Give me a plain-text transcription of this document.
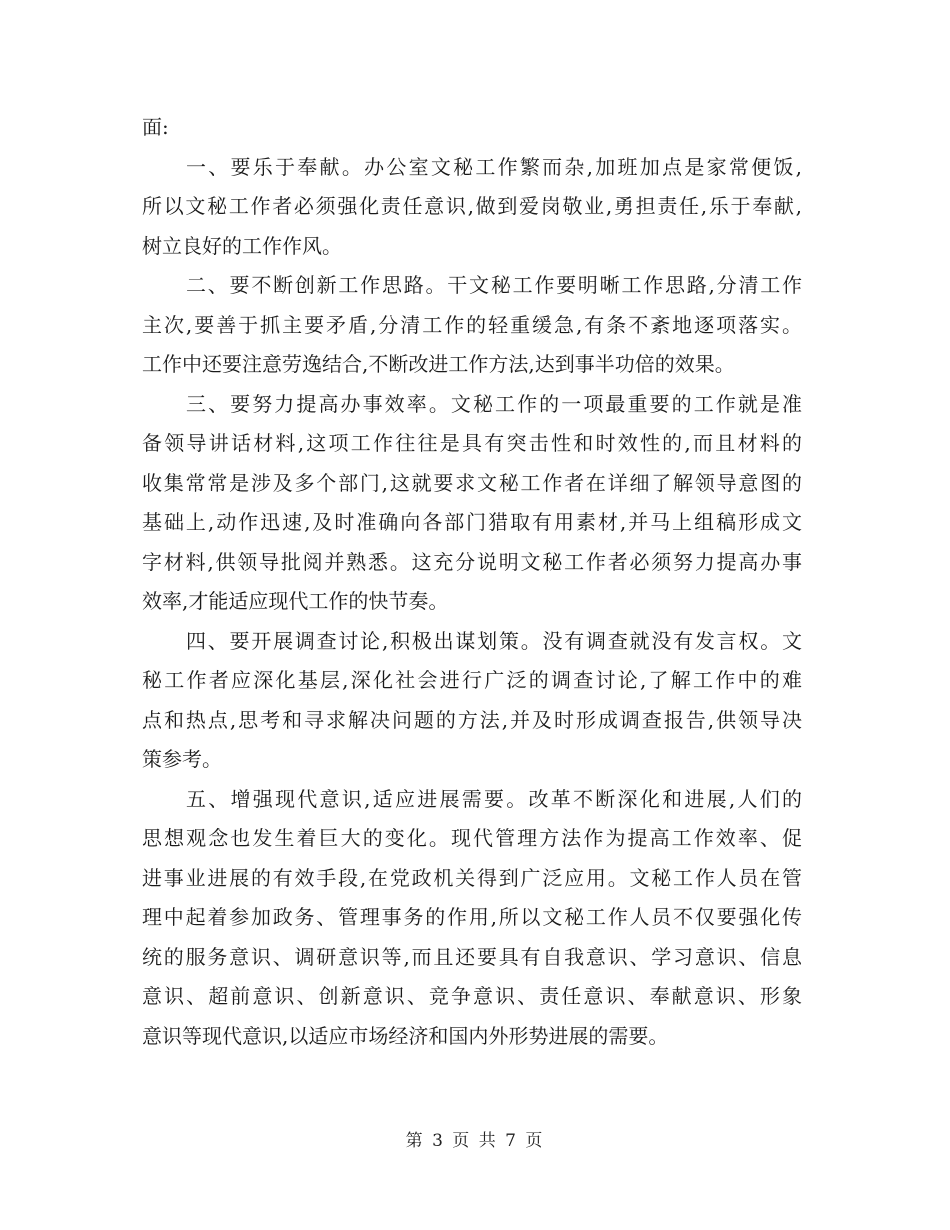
面:
一、要乐于奉献。办公室文秘工作繁而杂,加班加点是家常便饭,
所以文秘工作者必须强化责任意识,做到爱岗敬业,勇担责任,乐于奉献,
树立良好的工作作风。
二、要不断创新工作思路。干文秘工作要明晰工作思路,分清工作
主次,要善于抓主要矛盾,分清工作的轻重缓急,有条不紊地逐项落实。
工作中还要注意劳逸结合,不断改进工作方法,达到事半功倍的效果。
三、要努力提高办事效率。文秘工作的一项最重要的工作就是准
备领导讲话材料,这项工作往往是具有突击性和时效性的,而且材料的
收集常常是涉及多个部门,这就要求文秘工作者在详细了解领导意图的
基础上,动作迅速,及时准确向各部门猎取有用素材,并马上组稿形成文
字材料,供领导批阅并熟悉。这充分说明文秘工作者必须努力提高办事
效率,才能适应现代工作的快节奏。
四、要开展调查讨论,积极出谋划策。没有调查就没有发言权。文
秘工作者应深化基层,深化社会进行广泛的调查讨论,了解工作中的难
点和热点,思考和寻求解决问题的方法,并及时形成调查报告,供领导决
策参考。
五、增强现代意识,适应进展需要。改革不断深化和进展,人们的
思想观念也发生着巨大的变化。现代管理方法作为提高工作效率、促
进事业进展的有效手段,在党政机关得到广泛应用。文秘工作人员在管
理中起着参加政务、管理事务的作用,所以文秘工作人员不仅要强化传
统的服务意识、调研意识等,而且还要具有自我意识、学习意识、信息
意识、超前意识、创新意识、竞争意识、责任意识、奉献意识、形象
意识等现代意识,以适应市场经济和国内外形势进展的需要。
第 3 页 共 7 页
